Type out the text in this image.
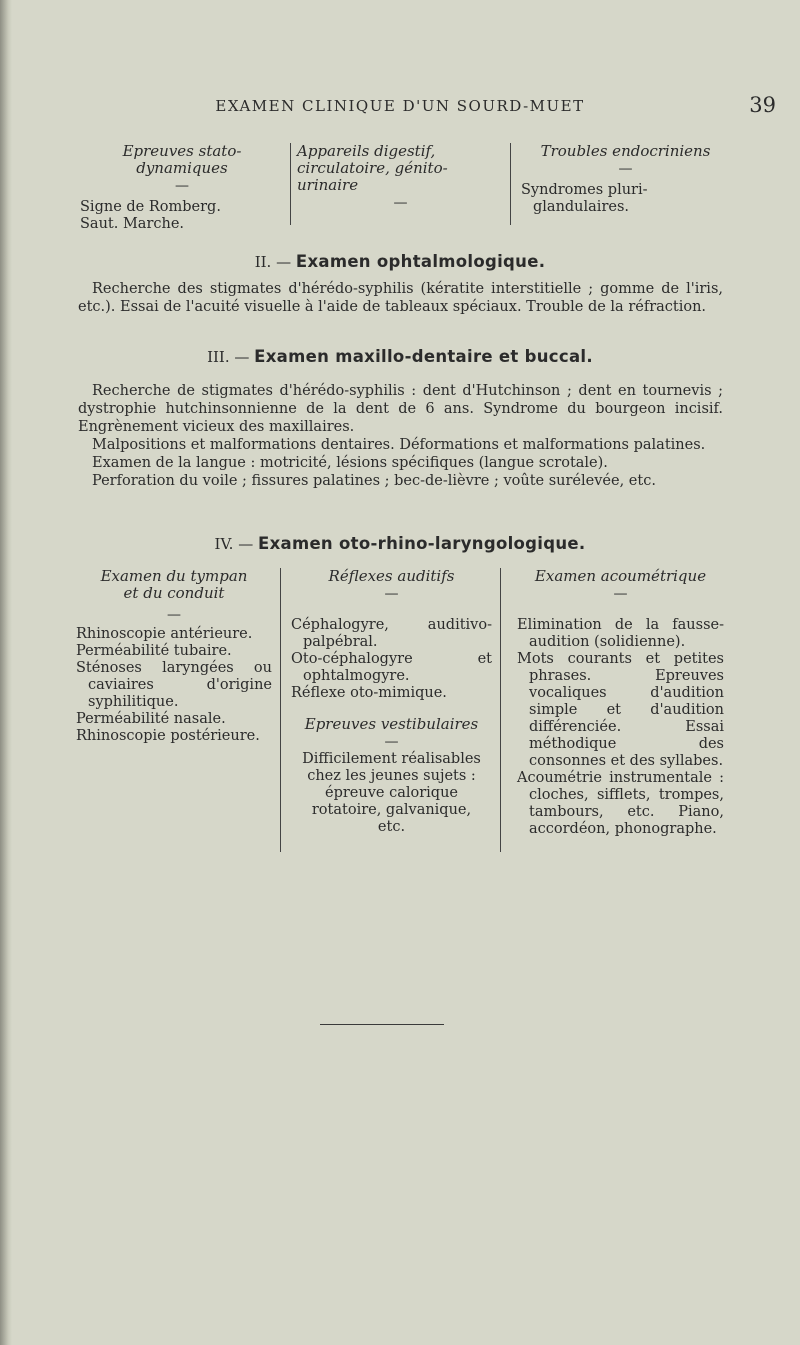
EXAMEN CLINIQUE D'UN SOURD-MUET	39
Epreuves stato-dynamiques
—
Signe de Romberg.
Saut. Marche.
Appareils digestif, circulatoire, génito-urinaire
—
Troubles endocriniens
—
Syndromes pluri-glandulaires.
II. — Examen ophtalmologique.

Recherche des stigmates d'hérédo-syphilis (kératite interstitielle ; gomme de l'iris, etc.). Essai de l'acuité visuelle à l'aide de tableaux spéciaux. Trouble de la réfraction.

III. — Examen maxillo-dentaire et buccal.

Recherche de stigmates d'hérédo-syphilis : dent d'Hutchinson ; dent en tournevis ; dystrophie hutchinsonnienne de la dent de 6 ans. Syndrome du bourgeon incisif. Engrènement vicieux des maxillaires.

Malpositions et malformations dentaires. Déformations et malformations palatines.

Examen de la langue : motricité, lésions spécifiques (langue scrotale).

Perforation du voile ; fissures palatines ; bec-de-lièvre ; voûte surélevée, etc.

IV. — Examen oto-rhino-laryngologique.
Examen du tympan et du conduit
—
Rhinoscopie antérieure.
Perméabilité tubaire.
Sténoses laryngées ou caviaires d'origine syphilitique.
Perméabilité nasale.
Rhinoscopie postérieure.
Réflexes auditifs
—
Céphalogyre, auditivo-palpébral.
Oto-céphalogyre et ophtalmogyre.
Réflexe oto-mimique.
Epreuves vestibulaires
—
Difficilement réalisables chez les jeunes sujets : épreuve calorique rotatoire, galvanique, etc.
Examen acoumétrique
—
Elimination de la fausse-audition (solidienne).
Mots courants et petites phrases. Epreuves vocaliques d'audition simple et d'audition différenciée. Essai méthodique des consonnes et des syllabes.
Acoumétrie instrumentale : cloches, sifflets, trompes, tambours, etc. Piano, accordéon, phonographe.
